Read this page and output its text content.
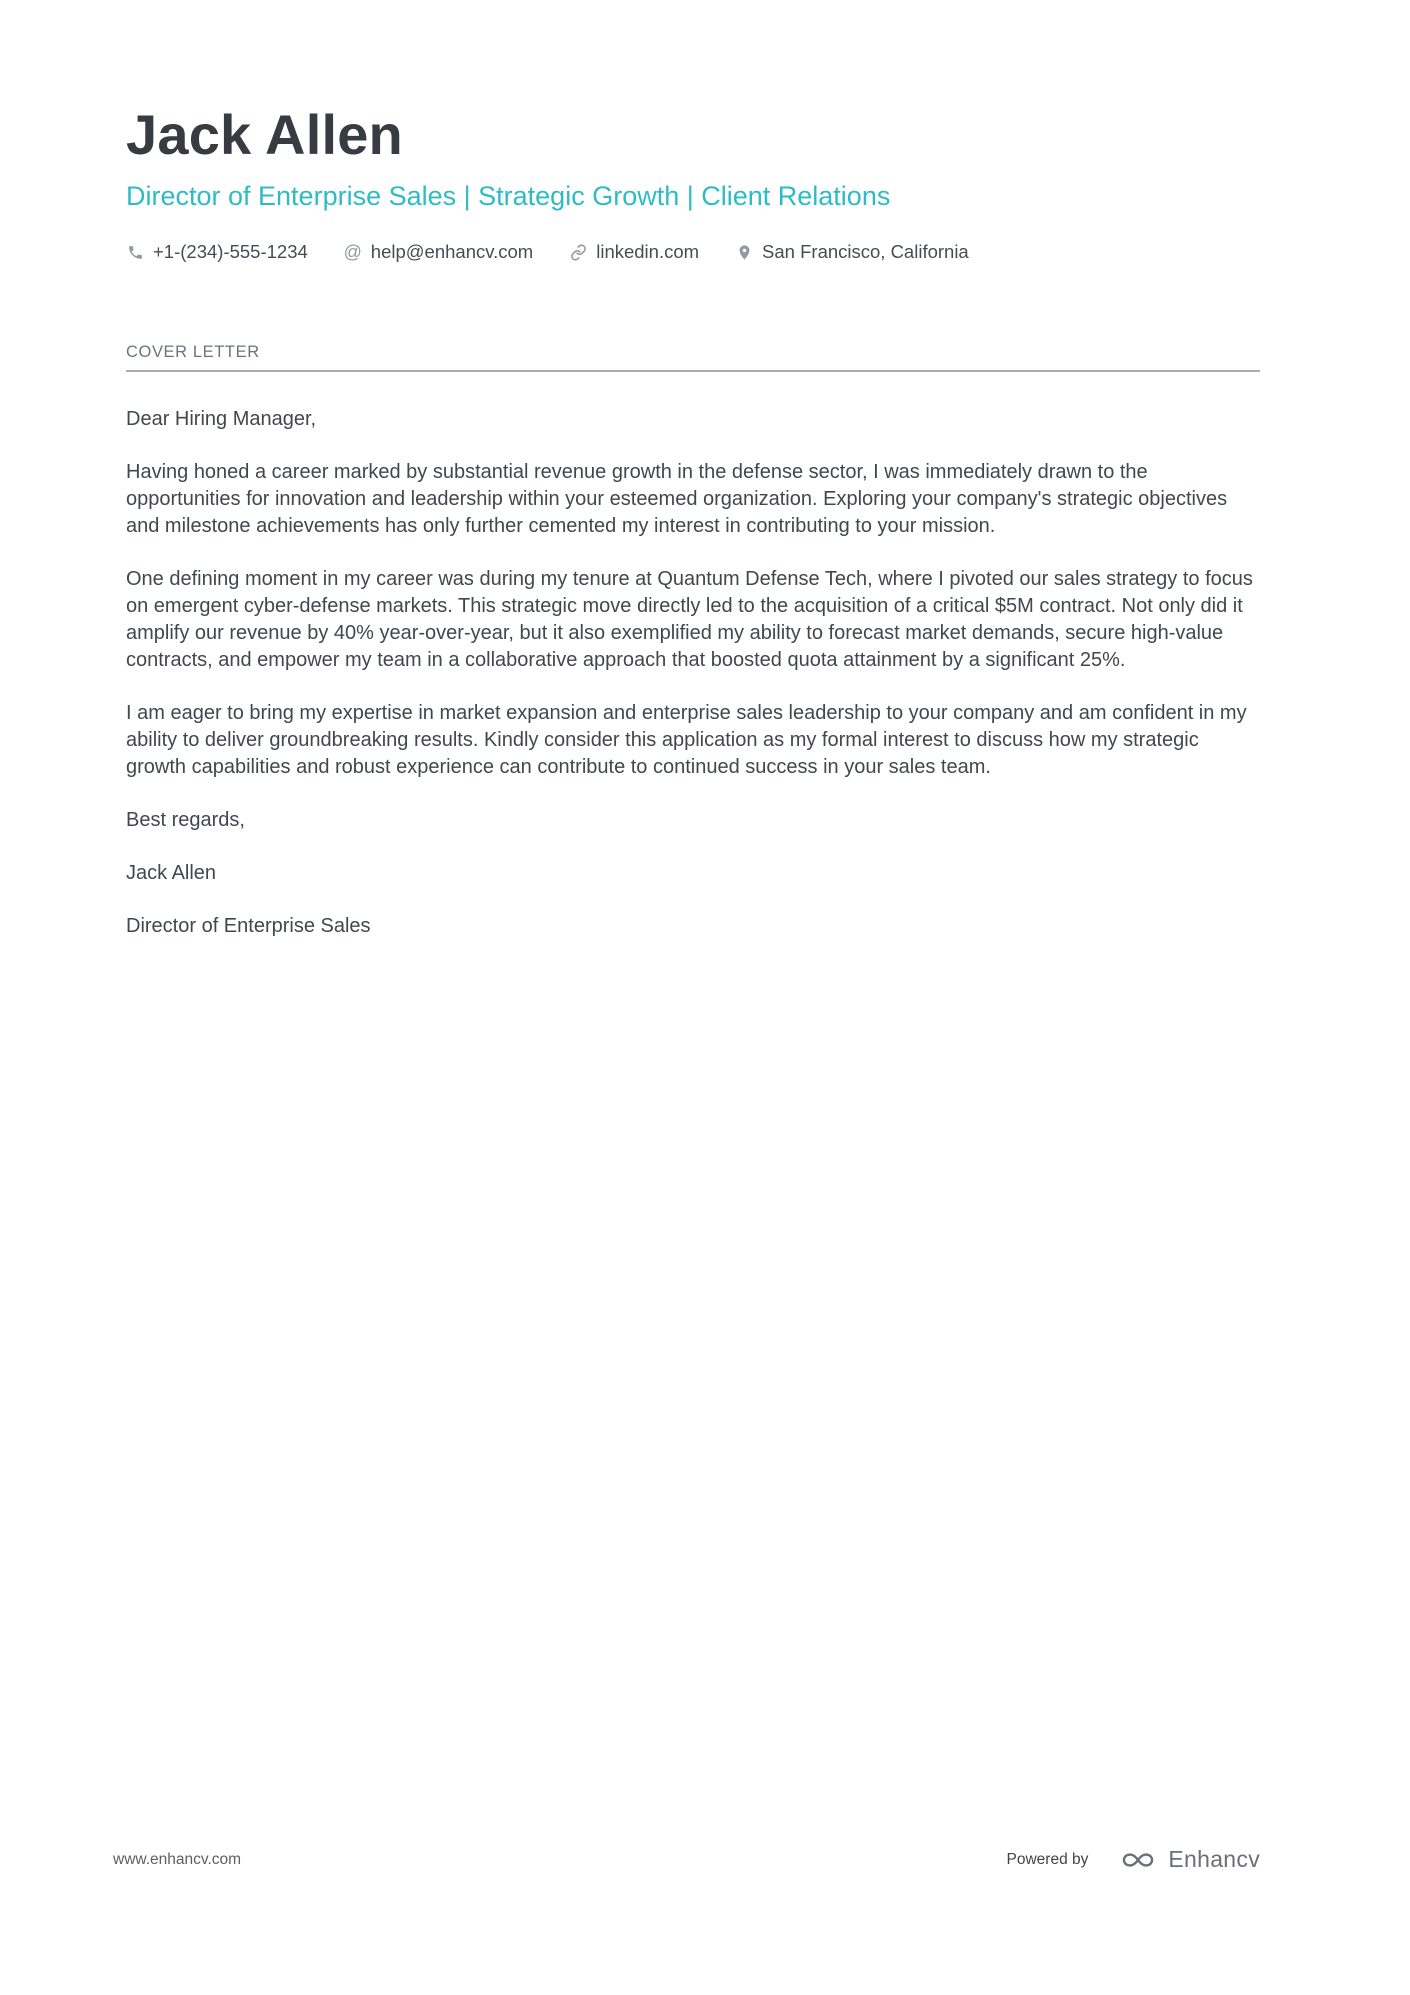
Jack Allen
Director of Enterprise Sales | Strategic Growth | Client Relations
+1-(234)-555-1234 @ help@enhancv.com	linkedin.com	San Francisco, California
COVER LETTER

Dear Hiring Manager,

Having honed a career marked by substantial revenue growth in the defense sector, I was immediately drawn to the opportunities for innovation and leadership within your esteemed organization. Exploring your company's strategic objectives and milestone achievements has only further cemented my interest in contributing to your mission.

One defining moment in my career was during my tenure at Quantum Defense Tech, where I pivoted our sales strategy to focus on emergent cyber-defense markets. This strategic move directly led to the acquisition of a critical $5M contract. Not only did it amplify our revenue by 40% year-over-year, but it also exemplified my ability to forecast market demands, secure high-value contracts, and empower my team in a collaborative approach that boosted quota attainment by a significant 25%.

I am eager to bring my expertise in market expansion and enterprise sales leadership to your company and am confident in my ability to deliver groundbreaking results. Kindly consider this application as my formal interest to discuss how my strategic growth capabilities and robust experience can contribute to continued success in your sales team.

Best regards,

Jack Allen

Director of Enterprise Sales

www.enhancv.com	Powered by	Enhancv
